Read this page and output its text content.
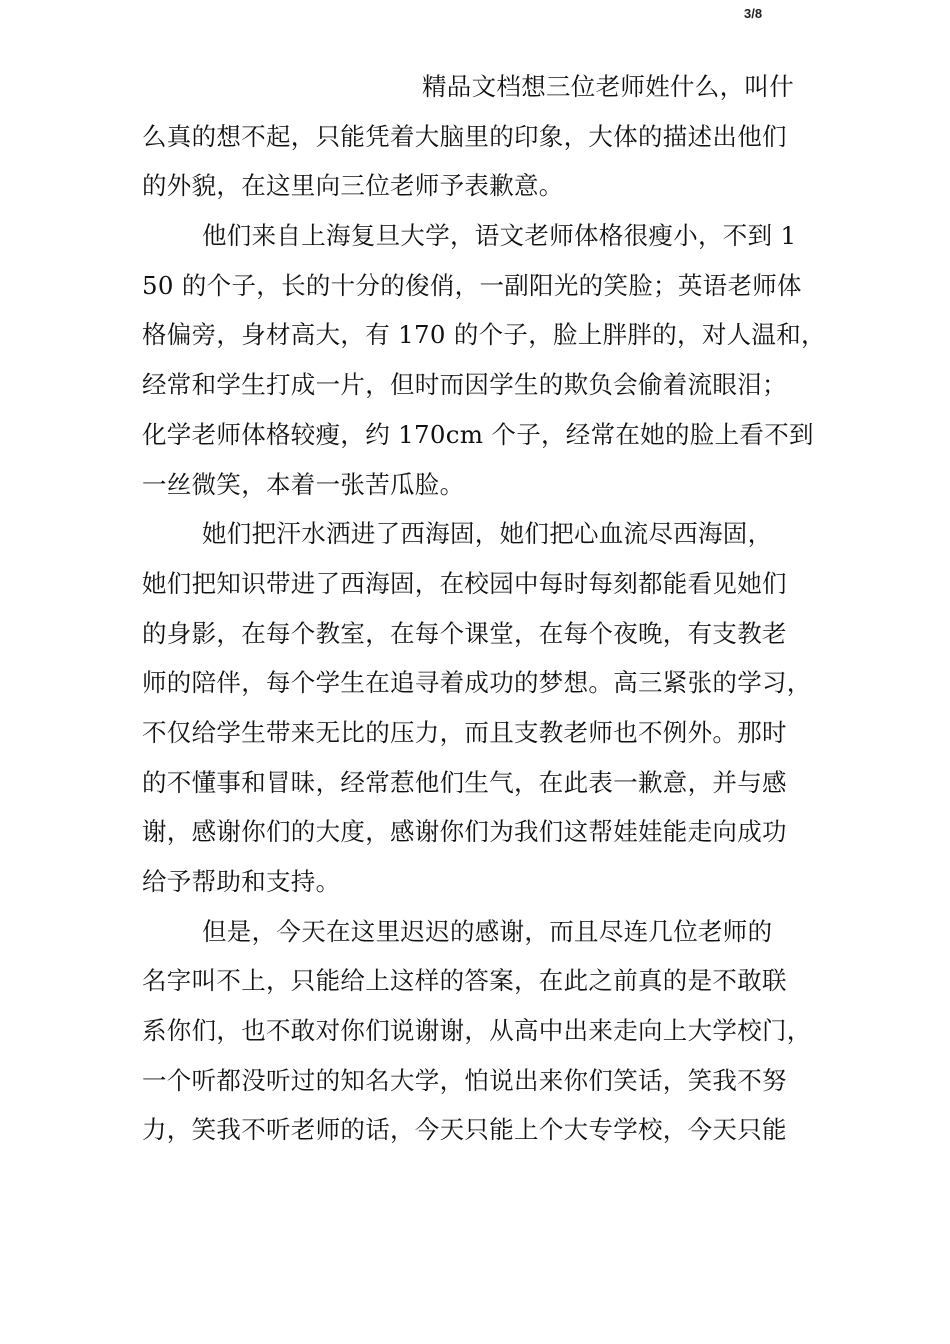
3/8
精品文档想三位老师姓什么，叫什
么真的想不起，只能凭着大脑里的印象，大体的描述出他们
的外貌，在这里向三位老师予表歉意。
他们来自上海复旦大学，语文老师体格很瘦小，不到 1
50 的个子，长的十分的俊俏，一副阳光的笑脸；英语老师体
格偏旁，身材高大，有 170 的个子，脸上胖胖的，对人温和，
经常和学生打成一片，但时而因学生的欺负会偷着流眼泪；
化学老师体格较瘦，约 170cm 个子，经常在她的脸上看不到
一丝微笑，本着一张苦瓜脸。
她们把汗水洒进了西海固，她们把心血流尽西海固，
她们把知识带进了西海固，在校园中每时每刻都能看见她们
的身影，在每个教室，在每个课堂，在每个夜晚，有支教老
师的陪伴，每个学生在追寻着成功的梦想。高三紧张的学习，
不仅给学生带来无比的压力，而且支教老师也不例外。那时
的不懂事和冒昧，经常惹他们生气，在此表一歉意，并与感
谢，感谢你们的大度，感谢你们为我们这帮娃娃能走向成功
给予帮助和支持。
但是，今天在这里迟迟的感谢，而且尽连几位老师的
名字叫不上，只能给上这样的答案，在此之前真的是不敢联
系你们，也不敢对你们说谢谢，从高中出来走向上大学校门，
一个听都没听过的知名大学，怕说出来你们笑话，笑我不努
力，笑我不听老师的话，今天只能上个大专学校，今天只能
